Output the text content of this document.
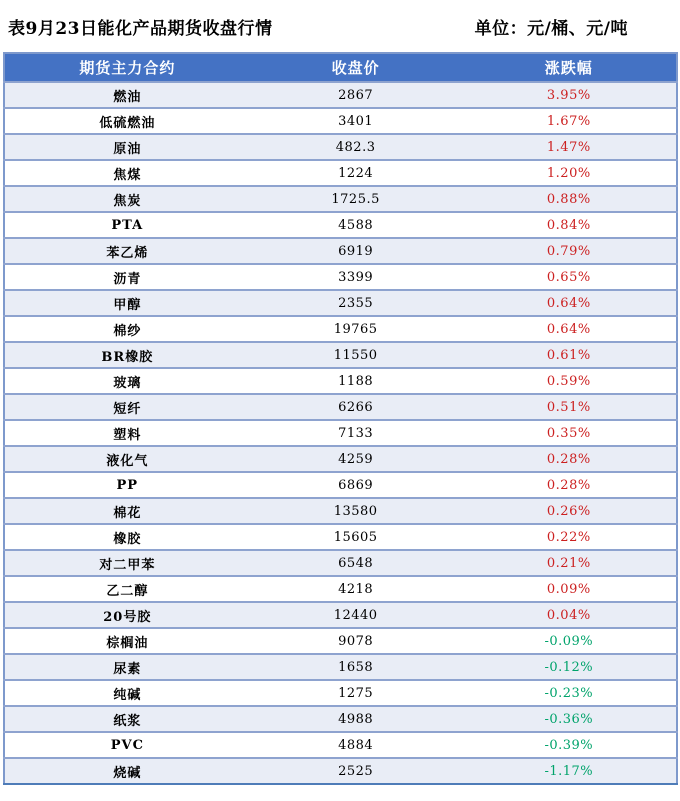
表9月23日能化产品期货收盘行情	单位：元/桶、元/吨
期货主力合约	收盘价	涨跌幅
燃油	2867	3.95%
低硫燃油	3401	1.67%
原油	482.3	1.47%
焦煤	1224	1.20%
焦炭	1725.5	0.88%
PTA	4588	0.84%
苯乙烯	6919	0.79%
沥青	3399	0.65%
甲醇	2355	0.64%
棉纱	19765	0.64%
BR橡胶	11550	0.61%
玻璃	1188	0.59%
短纤	6266	0.51%
塑料	7133	0.35%
液化气	4259	0.28%
PP	6869	0.28%
棉花	13580	0.26%
橡胶	15605	0.22%
对二甲苯	6548	0.21%
乙二醇	4218	0.09%
20号胶	12440	0.04%
棕榈油	9078	-0.09%
尿素	1658	-0.12%
纯碱	1275	-0.23%
纸浆	4988	-0.36%
PVC	4884	-0.39%
烧碱	2525	-1.17%
